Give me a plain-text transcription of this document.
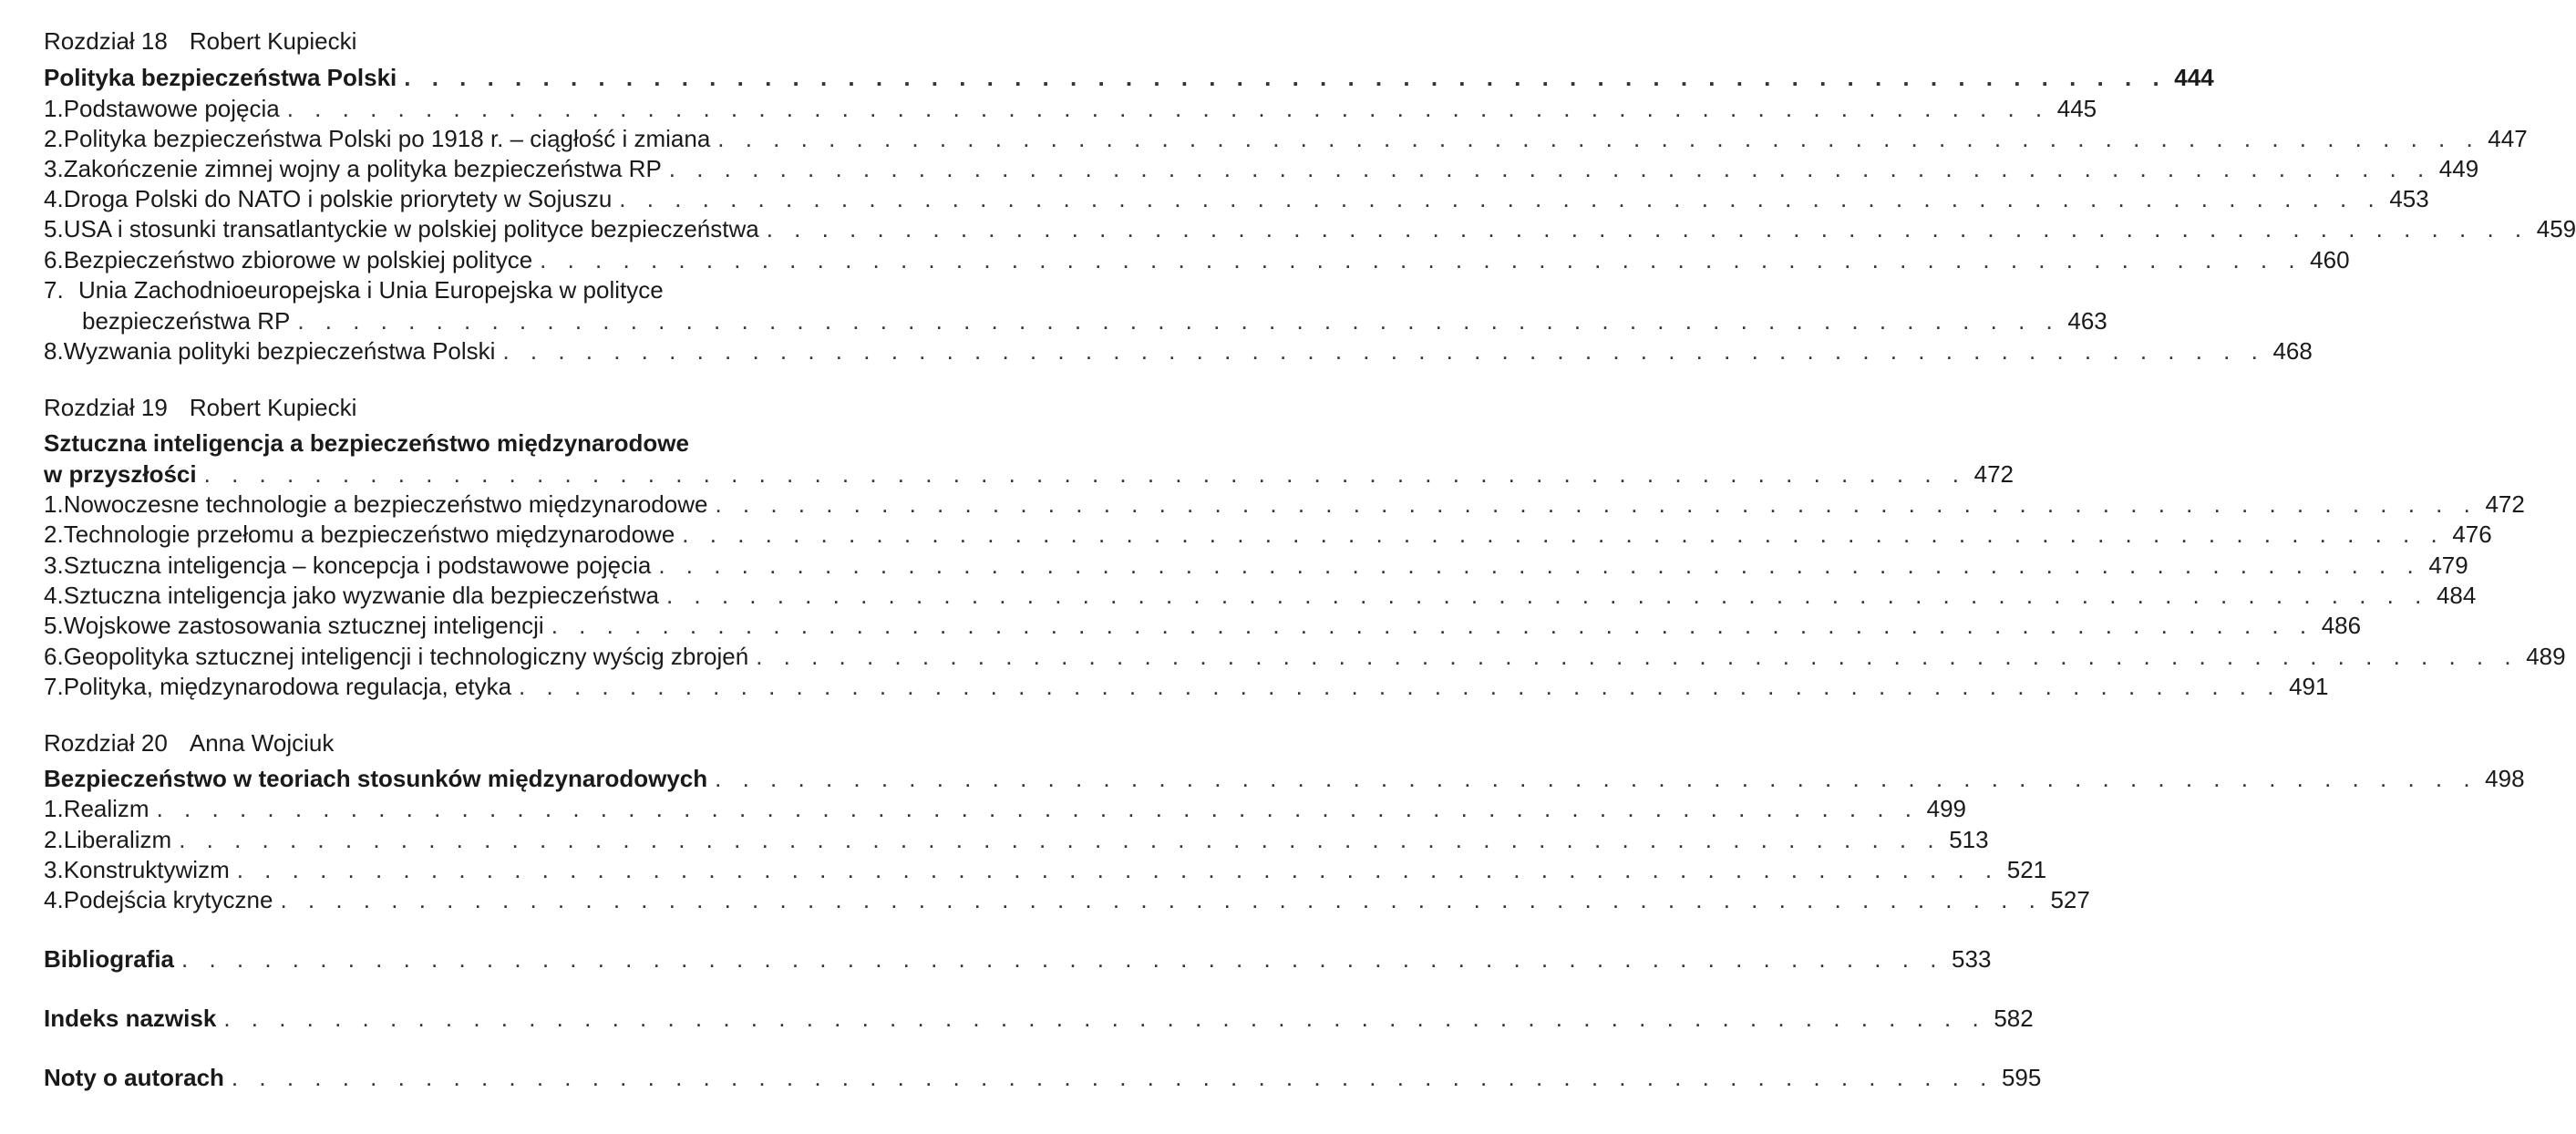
Rozdział 18 Robert Kupiecki
Polityka bezpieczeństwa Polski . . . . . . . . . . . . . . . . . . . . . . . . . . . . . . . . . . . . . . . . . . . . . . . . . . . . . . . . . . . . . . . . 444
1. Podstawowe pojęcia . . . . . . . . . . . . . . . . . . . . . . . . . . . . . . . . . . . . . . . . . . . . . . . . . . . . . . . . . . . . . . . . 445
2. Polityka bezpieczeństwa Polski po 1918 r. – ciągłość i zmiana . . . . . . . . . . . . . . . . . . . . . . . . . . . . . . . . . . . . . . . . . . . . . . . . . . . . . . . . . . . . . . . . 447
3. Zakończenie zimnej wojny a polityka bezpieczeństwa RP . . . . . . . . . . . . . . . . . . . . . . . . . . . . . . . . . . . . . . . . . . . . . . . . . . . . . . . . . . . . . . . . 449
4. Droga Polski do NATO i polskie priorytety w Sojuszu . . . . . . . . . . . . . . . . . . . . . . . . . . . . . . . . . . . . . . . . . . . . . . . . . . . . . . . . . . . . . . . . 453
5. USA i stosunki transatlantyckie w polskiej polityce bezpieczeństwa . . . . . . . . . . . . . . . . . . . . . . . . . . . . . . . . . . . . . . . . . . . . . . . . . . . . . . . . . . . . . . . . 459
6. Bezpieczeństwo zbiorowe w polskiej polityce . . . . . . . . . . . . . . . . . . . . . . . . . . . . . . . . . . . . . . . . . . . . . . . . . . . . . . . . . . . . . . . . 460
7. Unia Zachodnioeuropejska i Unia Europejska w polityce
bezpieczeństwa RP . . . . . . . . . . . . . . . . . . . . . . . . . . . . . . . . . . . . . . . . . . . . . . . . . . . . . . . . . . . . . . . . 463
8. Wyzwania polityki bezpieczeństwa Polski . . . . . . . . . . . . . . . . . . . . . . . . . . . . . . . . . . . . . . . . . . . . . . . . . . . . . . . . . . . . . . . . 468
Rozdział 19 Robert Kupiecki
Sztuczna inteligencja a bezpieczeństwo międzynarodowe
w przyszłości . . . . . . . . . . . . . . . . . . . . . . . . . . . . . . . . . . . . . . . . . . . . . . . . . . . . . . . . . . . . . . . . 472
1. Nowoczesne technologie a bezpieczeństwo międzynarodowe . . . . . . . . . . . . . . . . . . . . . . . . . . . . . . . . . . . . . . . . . . . . . . . . . . . . . . . . . . . . . . . . 472
2. Technologie przełomu a bezpieczeństwo międzynarodowe . . . . . . . . . . . . . . . . . . . . . . . . . . . . . . . . . . . . . . . . . . . . . . . . . . . . . . . . . . . . . . . . 476
3. Sztuczna inteligencja – koncepcja i podstawowe pojęcia . . . . . . . . . . . . . . . . . . . . . . . . . . . . . . . . . . . . . . . . . . . . . . . . . . . . . . . . . . . . . . . . 479
4. Sztuczna inteligencja jako wyzwanie dla bezpieczeństwa . . . . . . . . . . . . . . . . . . . . . . . . . . . . . . . . . . . . . . . . . . . . . . . . . . . . . . . . . . . . . . . . 484
5. Wojskowe zastosowania sztucznej inteligencji . . . . . . . . . . . . . . . . . . . . . . . . . . . . . . . . . . . . . . . . . . . . . . . . . . . . . . . . . . . . . . . . 486
6. Geopolityka sztucznej inteligencji i technologiczny wyścig zbrojeń . . . . . . . . . . . . . . . . . . . . . . . . . . . . . . . . . . . . . . . . . . . . . . . . . . . . . . . . . . . . . . . . 489
7. Polityka, międzynarodowa regulacja, etyka . . . . . . . . . . . . . . . . . . . . . . . . . . . . . . . . . . . . . . . . . . . . . . . . . . . . . . . . . . . . . . . . 491
Rozdział 20 Anna Wojciuk
Bezpieczeństwo w teoriach stosunków międzynarodowych . . . . . . . . . . . . . . . . . . . . . . . . . . . . . . . . . . . . . . . . . . . . . . . . . . . . . . . . . . . . . . . . 498
1. Realizm . . . . . . . . . . . . . . . . . . . . . . . . . . . . . . . . . . . . . . . . . . . . . . . . . . . . . . . . . . . . . . . . 499
2. Liberalizm . . . . . . . . . . . . . . . . . . . . . . . . . . . . . . . . . . . . . . . . . . . . . . . . . . . . . . . . . . . . . . . . 513
3. Konstruktywizm . . . . . . . . . . . . . . . . . . . . . . . . . . . . . . . . . . . . . . . . . . . . . . . . . . . . . . . . . . . . . . . . 521
4. Podejścia krytyczne . . . . . . . . . . . . . . . . . . . . . . . . . . . . . . . . . . . . . . . . . . . . . . . . . . . . . . . . . . . . . . . . 527
Bibliografia . . . . . . . . . . . . . . . . . . . . . . . . . . . . . . . . . . . . . . . . . . . . . . . . . . . . . . . . . . . . . . . . 533
Indeks nazwisk . . . . . . . . . . . . . . . . . . . . . . . . . . . . . . . . . . . . . . . . . . . . . . . . . . . . . . . . . . . . . . . . 582
Noty o autorach . . . . . . . . . . . . . . . . . . . . . . . . . . . . . . . . . . . . . . . . . . . . . . . . . . . . . . . . . . . . . . . . 595
